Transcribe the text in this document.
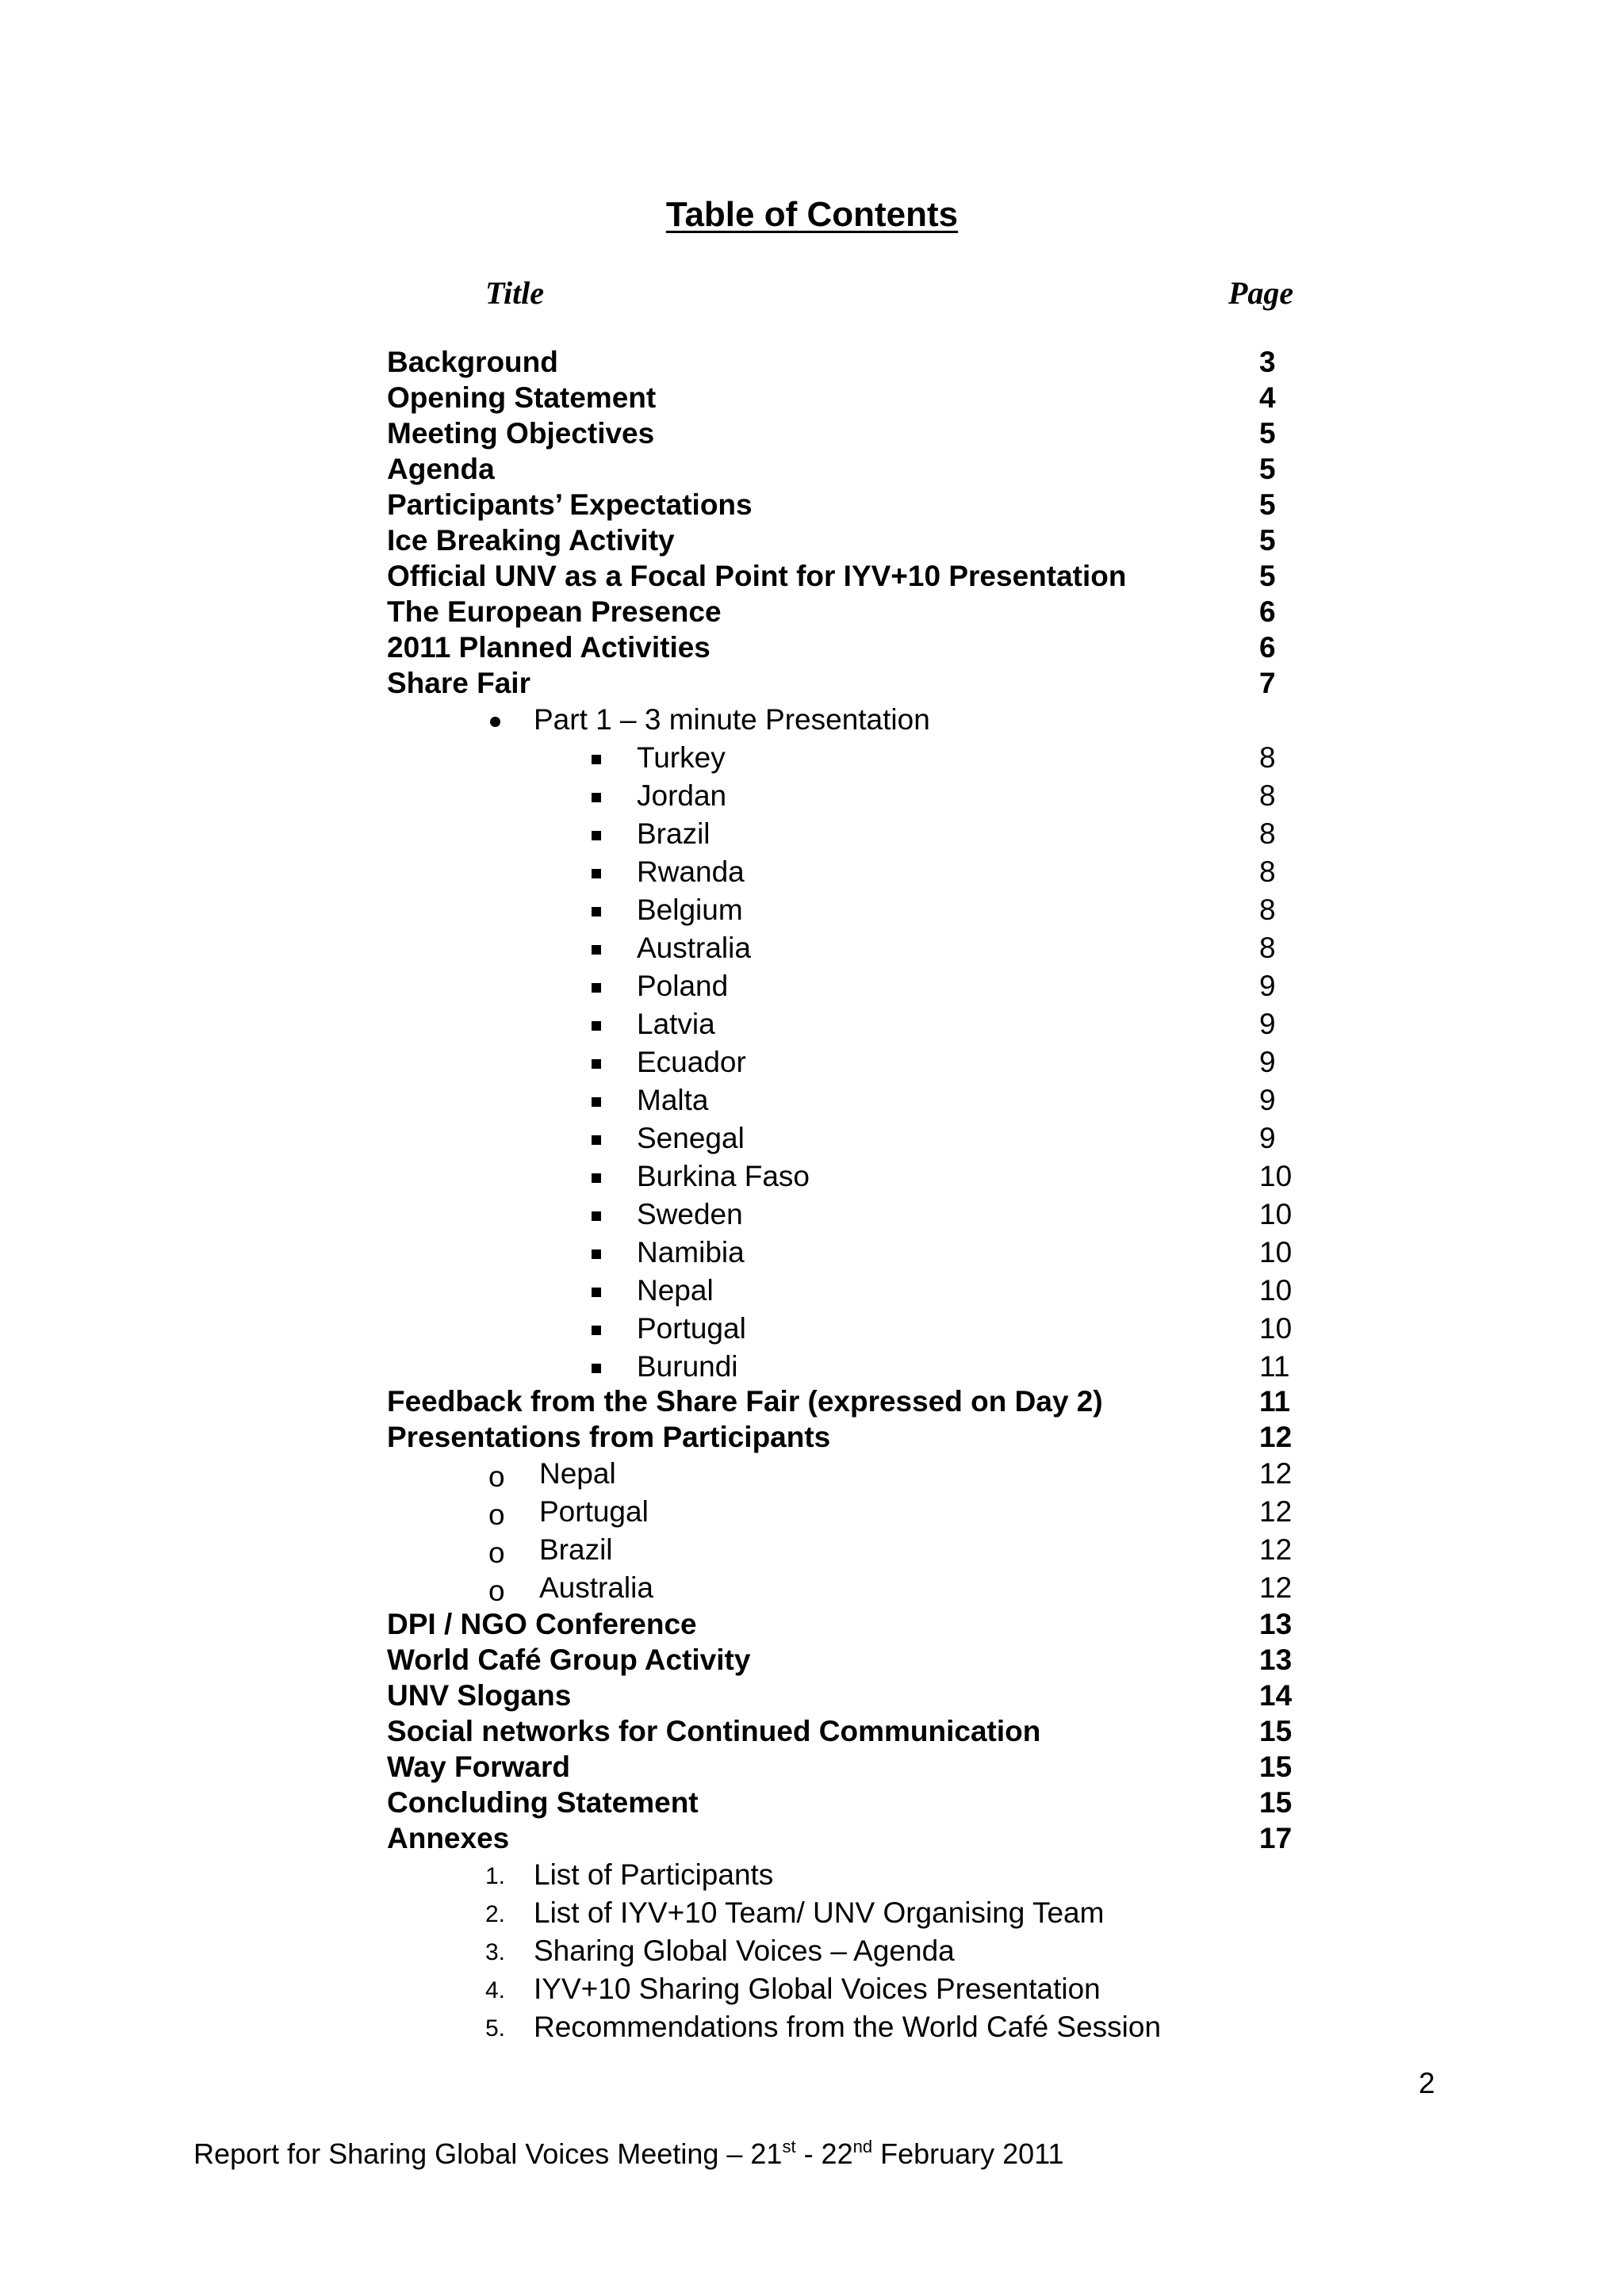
Table of Contents
Title	Page
Background	3
Opening Statement	4
Meeting Objectives	5
Agenda	5
Participants’ Expectations	5
Ice Breaking Activity	5
Official UNV as a Focal Point for IYV+10 Presentation	5
The European Presence	6
2011 Planned Activities	6
Share Fair	7
Part 1 – 3 minute Presentation
Turkey	8
Jordan	8
Brazil	8
Rwanda	8
Belgium	8
Australia	8
Poland	9
Latvia	9
Ecuador	9
Malta	9
Senegal	9
Burkina Faso	10
Sweden	10
Namibia	10
Nepal	10
Portugal	10
Burundi	11
Feedback from the Share Fair (expressed on Day 2)	11
Presentations from Participants	12
o Nepal	12
o Portugal	12
o Brazil	12
o Australia	12
DPI / NGO Conference	13
World Café Group Activity	13
UNV Slogans	14
Social networks for Continued Communication	15
Way Forward	15
Concluding Statement	15
Annexes	17
1. List of Participants
2. List of IYV+10 Team/ UNV Organising Team
3. Sharing Global Voices – Agenda
4. IYV+10 Sharing Global Voices Presentation
5. Recommendations from the World Café Session
2
Report for Sharing Global Voices Meeting – 21st - 22nd February 2011
